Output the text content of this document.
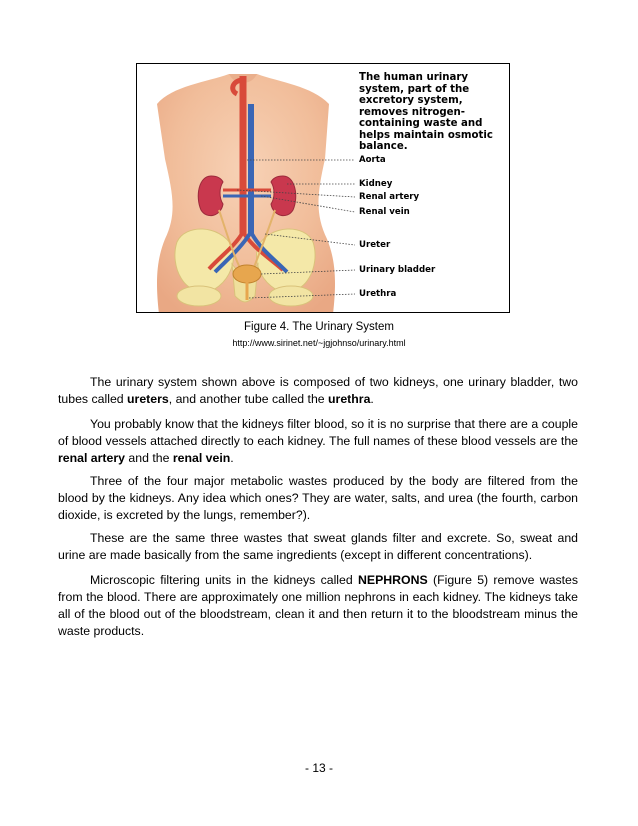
The human urinary system, part of the excretory system, removes nitrogen-containing waste and helps maintain osmotic balance.
Aorta
Kidney
Renal artery
Renal vein
Ureter
Urinary bladder
Urethra
Figure 4. The Urinary System
http://www.sirinet.net/~jgjohnso/urinary.html

The urinary system shown above is composed of two kidneys, one urinary bladder, two tubes called ureters, and another tube called the urethra.

You probably know that the kidneys filter blood, so it is no surprise that there are a couple of blood vessels attached directly to each kidney. The full names of these blood vessels are the renal artery and the renal vein.

Three of the four major metabolic wastes produced by the body are filtered from the blood by the kidneys. Any idea which ones? They are water, salts, and urea (the fourth, carbon dioxide, is excreted by the lungs, remember?).

These are the same three wastes that sweat glands filter and excrete. So, sweat and urine are made basically from the same ingredients (except in different concentrations).

Microscopic filtering units in the kidneys called NEPHRONS (Figure 5) remove wastes from the blood. There are approximately one million nephrons in each kidney. The kidneys take all of the blood out of the bloodstream, clean it and then return it to the bloodstream minus the waste products.

- 13 -
